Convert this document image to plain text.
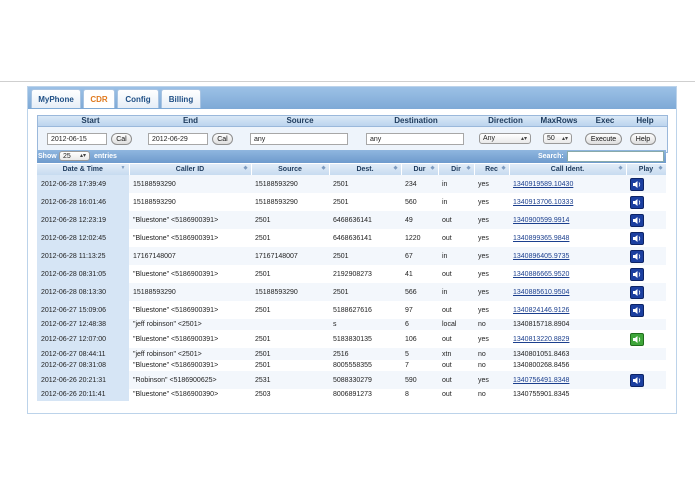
MyPhone	CDR	Config	Billing
Start	End	Source	Destination	Direction	MaxRows	Exec	Help
2012-06-15	Cal	2012-06-29	Cal	any	any	Any	▴▾	50 ▴▾	Execute	Help
Show 25 ▴▾ entries	Search:
Date & Time ▼	Caller ID ◆	Source ◆	Dest. ◆	Dur ◆	Dir ◆	Rec ◆	Call Ident. ◆	Play ◆

2012-06-28 17:39:49	15188593290	15188593290	2501	234	in	yes	1340919589.10430	

2012-06-28 16:01:46	15188593290	15188593290	2501	560	in	yes	1340913706.10333	

2012-06-28 12:23:19	"Bluestone" <5186900391>	2501	6468636141	49	out	yes	1340900599.9914	

2012-06-28 12:02:45	"Bluestone" <5186900391>	2501	6468636141	1220	out	yes	1340899365.9848	

2012-06-28 11:13:25	17167148007	17167148007	2501	67	in	yes	1340896405.9735	

2012-06-28 08:31:05	"Bluestone" <5186900391>	2501	2192908273	41	out	yes	1340886665.9520	

2012-06-28 08:13:30	15188593290	15188593290	2501	566	in	yes	1340885610.9504	

2012-06-27 15:09:06	"Bluestone" <5186900391>	2501	5188627616	97	out	yes	1340824146.9126	

2012-06-27 12:48:38	"jeff robinson" <2501>		s	6	local	no	1340815718.8904	
2012-06-27 12:07:00	"Bluestone" <5186900391>	2501	5183830135	106	out	yes	1340813220.8829	

2012-06-27 08:44:11	"jeff robinson" <2501>	2501	2516	5	xtn	no	1340801051.8463	
2012-06-27 08:31:08	"Bluestone" <5186900391>	2501	8005558355	7	out	no	1340800268.8456	
2012-06-26 20:21:31	"Robinson" <5186900625>	2531	5088330279	590	out	yes	1340756491.8348	

2012-06-26 20:11:41	"Bluestone" <5186900390>	2503	8006891273	8	out	no	1340755901.8345	
